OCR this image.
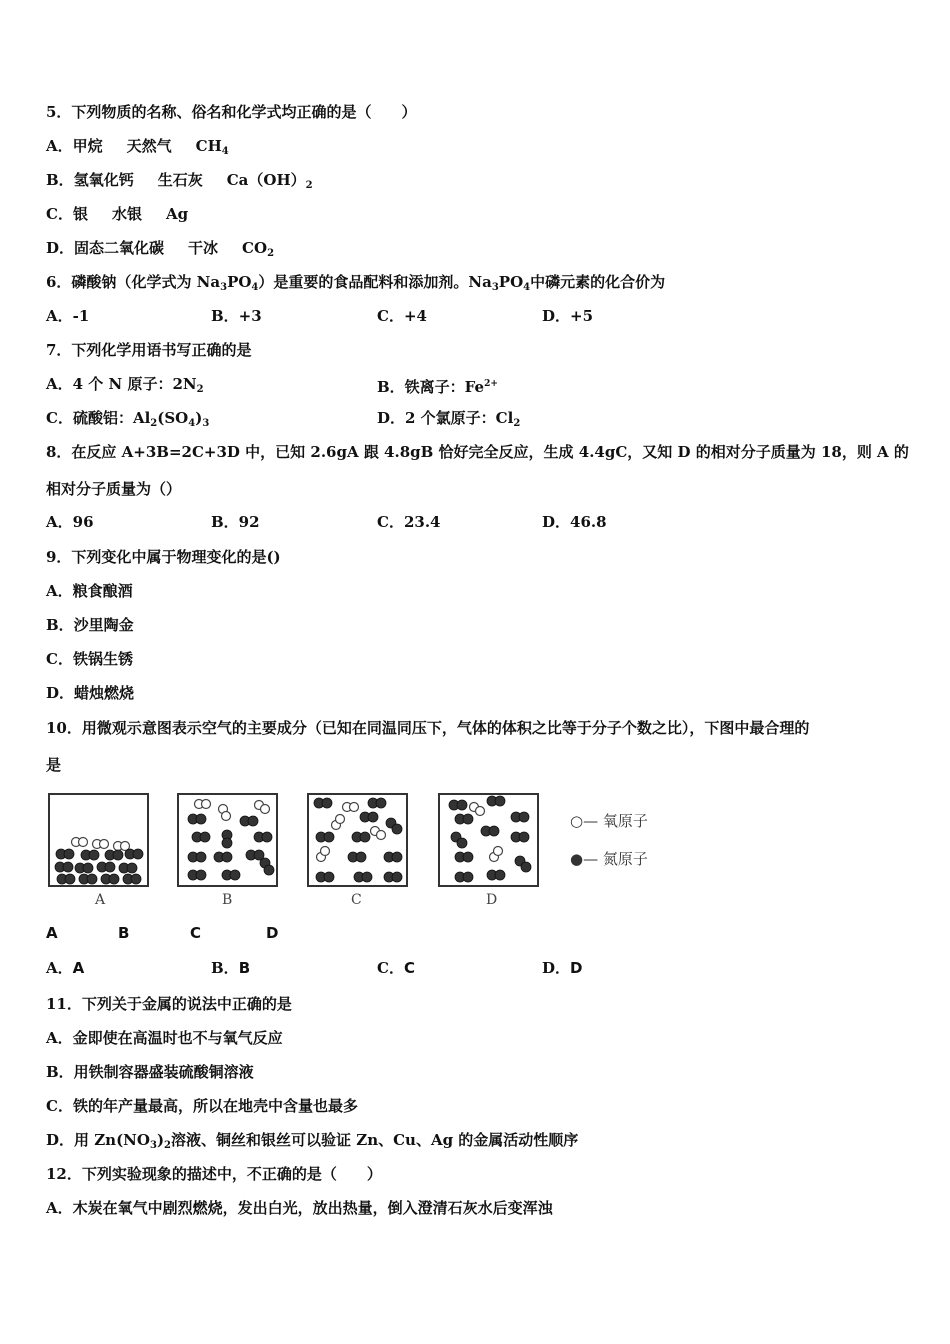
5．下列物质的名称、俗名和化学式均正确的是（　　）
A．甲烷 天然气 $CH_4$
B．氢氧化钙 生石灰 $Ca(OH)_2$
C．银 水银 Ag
D．固态二氧化碳 干冰 $CO_2$
6．磷酸钠（化学式为 $Na_3PO_4$）是重要的食品配料和添加剂。$Na_3PO_4$中磷元素的化合价为
A．-1	B．+3	C．+4	D．+5
7．下列化学用语书写正确的是
A．4 个 N 原子：$2N_2$	B．铁离子：$Fe^{2+}$
C．硫酸铝：$Al_2(SO_4)_3$	D．2 个氯原子：$Cl_2$
8．在反应 A+3B=2C+3D 中，已知 2.6gA 跟 4.8gB 恰好完全反应，生成 4.4gC，又知 D 的相对分子质量为 18，则 A 的
相对分子质量为（）
A．96	B．92	C．23.4	D．46.8
9．下列变化中属于物理变化的是()
A．粮食酿酒
B．沙里陶金
C．铁锅生锈
D．蜡烛燃烧
10．用微观示意图表示空气的主要成分（已知在同温同压下，气体的体积之比等于分子个数之比），下图中最合理的
是
A	B	C	D
○— 氧原子
●— 氮原子
A	B	C	D
A．A	B．B	C．C	D．D
11．下列关于金属的说法中正确的是
A．金即使在高温时也不与氧气反应
B．用铁制容器盛装硫酸铜溶液
C．铁的年产量最高，所以在地壳中含量也最多
D．用 $Zn(NO_3)_2$溶液、铜丝和银丝可以验证 Zn、Cu、Ag 的金属活动性顺序
12．下列实验现象的描述中，不正确的是（　　）
A．木炭在氧气中剧烈燃烧，发出白光，放出热量，倒入澄清石灰水后变浑浊
